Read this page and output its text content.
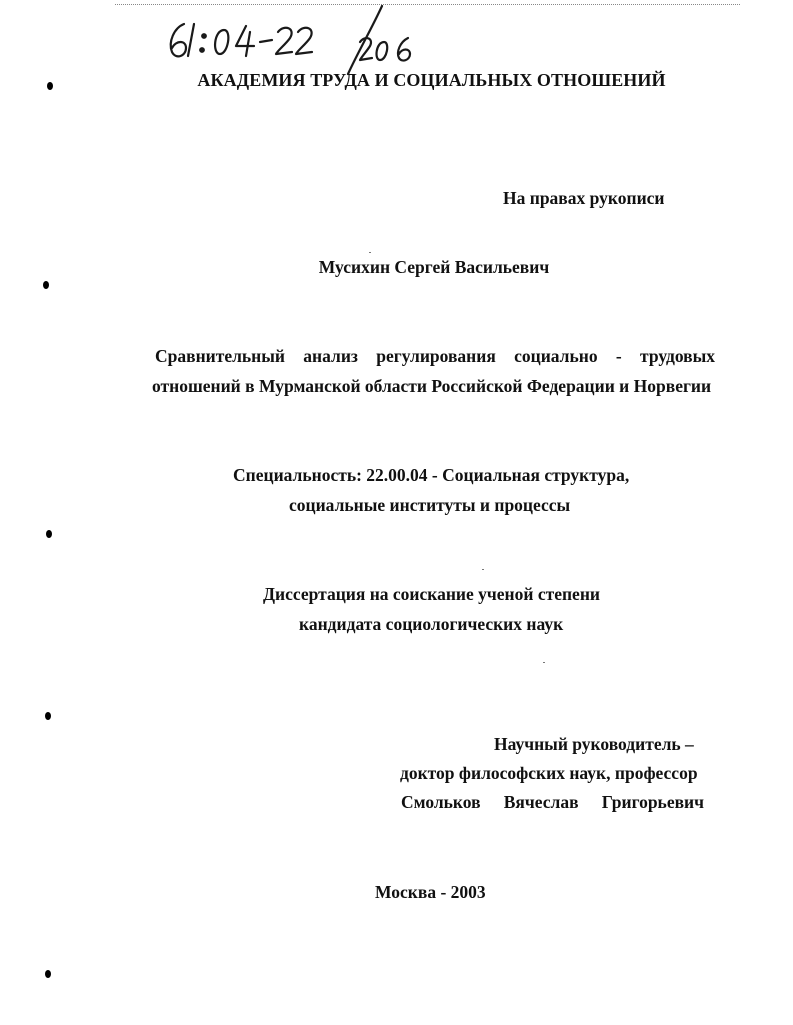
АКАДЕМИЯ ТРУДА И СОЦИАЛЬНЫХ ОТНОШЕНИЙ
На правах рукописи
Мусихин Сергей Васильевич
Сравнительный анализ регулирования социально - трудовых
отношений в Мурманской области Российской Федерации и Норвегии
Специальность: 22.00.04 - Социальная структура,
социальные институты и процессы
Диссертация на соискание ученой степени
кандидата социологических наук
Научный руководитель –
доктор философских наук, профессор
Смольков Вячеслав Григорьевич
Москва - 2003
